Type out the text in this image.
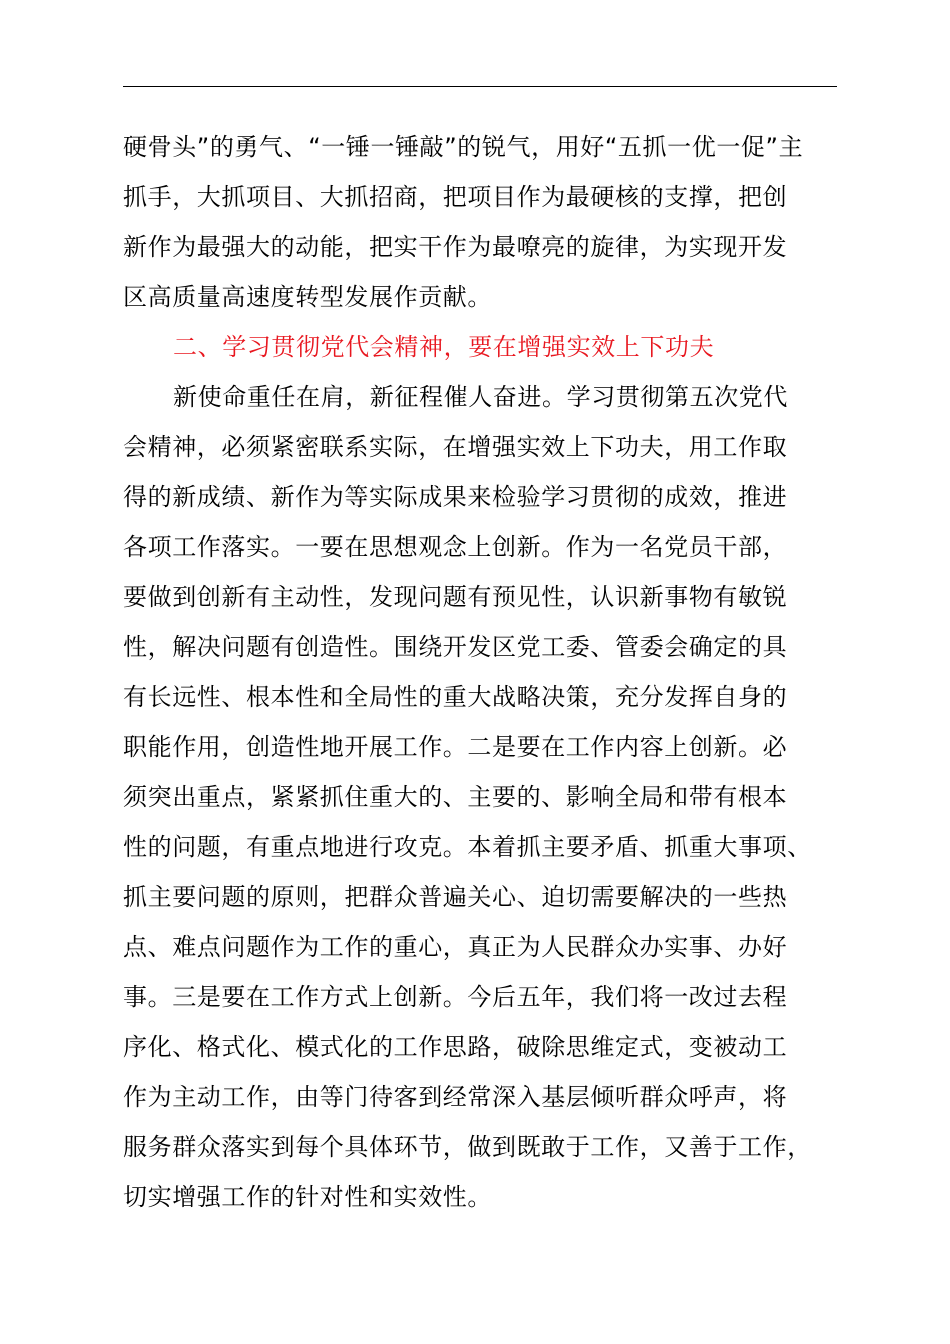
硬骨头”的勇气、“一锤一锤敲”的锐气，用好“五抓一优一促”主
抓手，大抓项目、大抓招商，把项目作为最硬核的支撑，把创
新作为最强大的动能，把实干作为最嘹亮的旋律，为实现开发
区高质量高速度转型发展作贡献。
二、学习贯彻党代会精神，要在增强实效上下功夫
新使命重任在肩，新征程催人奋进。学习贯彻第五次党代
会精神，必须紧密联系实际，在增强实效上下功夫，用工作取
得的新成绩、新作为等实际成果来检验学习贯彻的成效，推进
各项工作落实。一要在思想观念上创新。作为一名党员干部，
要做到创新有主动性，发现问题有预见性，认识新事物有敏锐
性，解决问题有创造性。围绕开发区党工委、管委会确定的具
有长远性、根本性和全局性的重大战略决策，充分发挥自身的
职能作用，创造性地开展工作。二是要在工作内容上创新。必
须突出重点，紧紧抓住重大的、主要的、影响全局和带有根本
性的问题，有重点地进行攻克。本着抓主要矛盾、抓重大事项、
抓主要问题的原则，把群众普遍关心、迫切需要解决的一些热
点、难点问题作为工作的重心，真正为人民群众办实事、办好
事。三是要在工作方式上创新。今后五年，我们将一改过去程
序化、格式化、模式化的工作思路，破除思维定式，变被动工
作为主动工作，由等门待客到经常深入基层倾听群众呼声，将
服务群众落实到每个具体环节，做到既敢于工作，又善于工作，
切实增强工作的针对性和实效性。
